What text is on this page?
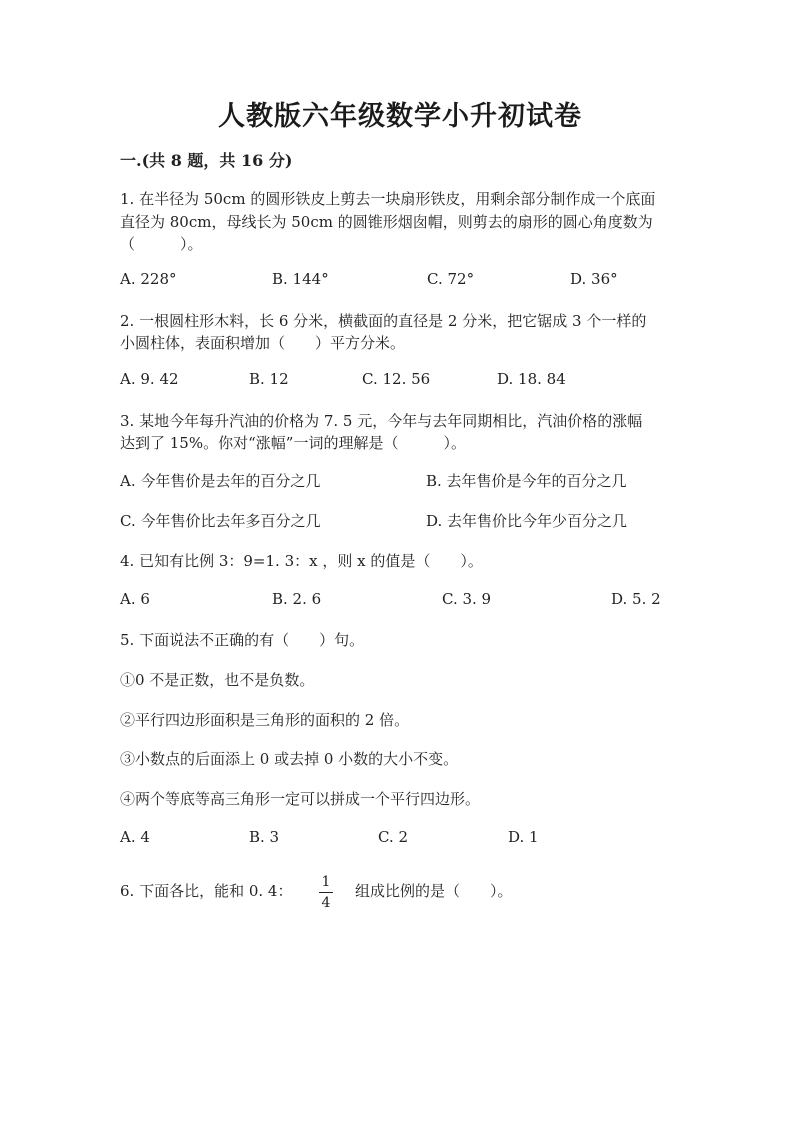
人教版六年级数学小升初试卷
一.(共 8 题，共 16 分)
1. 在半径为 50cm 的圆形铁皮上剪去一块扇形铁皮，用剩余部分制作成一个底面
直径为 80cm，母线长为 50cm 的圆锥形烟囱帽，则剪去的扇形的圆心角度数为
（　　　）。
A. 228°	B. 144°	C. 72°	D. 36°
2. 一根圆柱形木料，长 6 分米，横截面的直径是 2 分米，把它锯成 3 个一样的
小圆柱体，表面积增加（　　）平方分米。
A. 9. 42	B. 12	C. 12. 56	D. 18. 84
3. 某地今年每升汽油的价格为 7. 5 元，今年与去年同期相比，汽油价格的涨幅
达到了 15%。你对“涨幅”一词的理解是（　　　）。
A. 今年售价是去年的百分之几	B. 去年售价是今年的百分之几
C. 今年售价比去年多百分之几	D. 去年售价比今年少百分之几
4. 已知有比例 3：9=1. 3：x ，则 x 的值是（　　）。
A. 6	B. 2. 6	C. 3. 9	D. 5. 2
5. 下面说法不正确的有（　　）句。
①0 不是正数，也不是负数。
②平行四边形面积是三角形的面积的 2 倍。
③小数点的后面添上 0 或去掉 0 小数的大小不变。
④两个等底等高三角形一定可以拼成一个平行四边形。
A. 4	B. 3	C. 2	D. 1
6. 下面各比，能和 0. 4：	1
4
组成比例的是（　　）。
